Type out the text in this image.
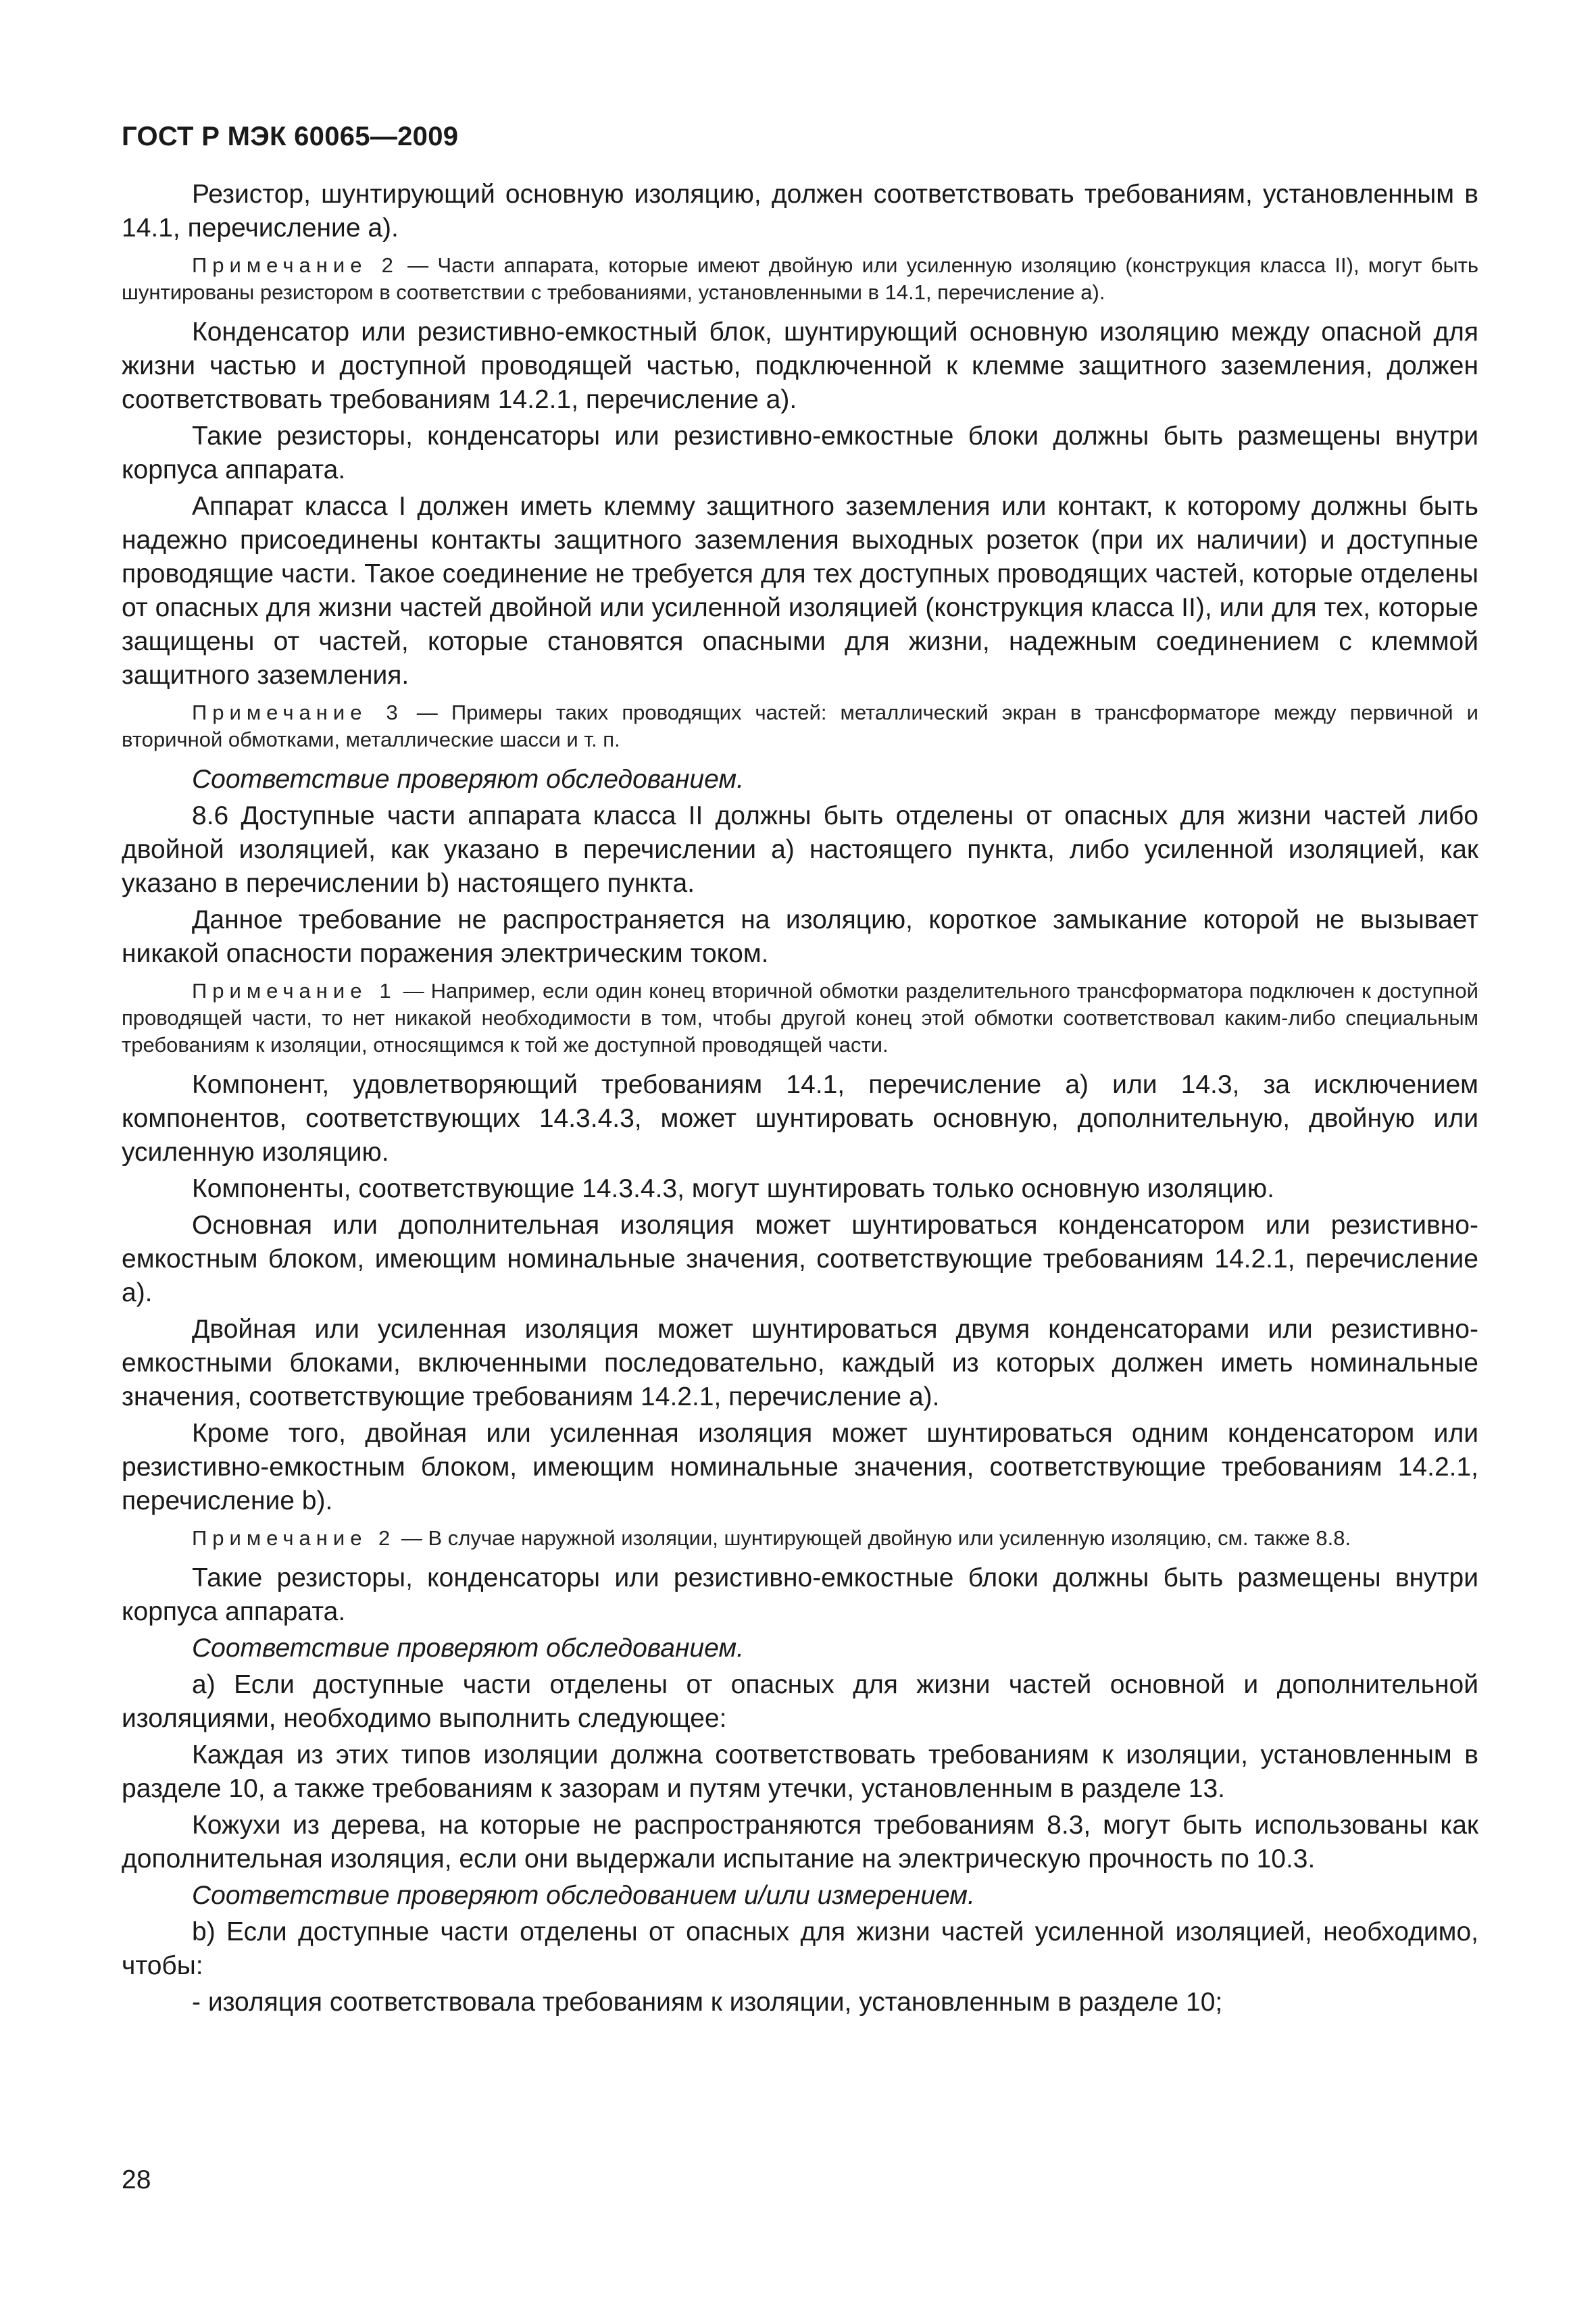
ГОСТ Р МЭК 60065—2009
Резистор, шунтирующий основную изоляцию, должен соответствовать требованиям, установленным в 14.1, перечисление a).
Примечание 2 — Части аппарата, которые имеют двойную или усиленную изоляцию (конструкция класса II), могут быть шунтированы резистором в соответствии с требованиями, установленными в 14.1, перечисление a).
Конденсатор или резистивно-емкостный блок, шунтирующий основную изоляцию между опасной для жизни частью и доступной проводящей частью, подключенной к клемме защитного заземления, должен соответствовать требованиям 14.2.1, перечисление a).
Такие резисторы, конденсаторы или резистивно-емкостные блоки должны быть размещены внутри корпуса аппарата.
Аппарат класса I должен иметь клемму защитного заземления или контакт, к которому должны быть надежно присоединены контакты защитного заземления выходных розеток (при их наличии) и доступные проводящие части. Такое соединение не требуется для тех доступных проводящих частей, которые отделены от опасных для жизни частей двойной или усиленной изоляцией (конструкция класса II), или для тех, которые защищены от частей, которые становятся опасными для жизни, надежным соединением с клеммой защитного заземления.
Примечание 3 — Примеры таких проводящих частей: металлический экран в трансформаторе между первичной и вторичной обмотками, металлические шасси и т. п.
Соответствие проверяют обследованием.
8.6 Доступные части аппарата класса II должны быть отделены от опасных для жизни частей либо двойной изоляцией, как указано в перечислении a) настоящего пункта, либо усиленной изоляцией, как указано в перечислении b) настоящего пункта.
Данное требование не распространяется на изоляцию, короткое замыкание которой не вызывает никакой опасности поражения электрическим током.
Примечание 1 — Например, если один конец вторичной обмотки разделительного трансформатора подключен к доступной проводящей части, то нет никакой необходимости в том, чтобы другой конец этой обмотки соответствовал каким-либо специальным требованиям к изоляции, относящимся к той же доступной проводящей части.
Компонент, удовлетворяющий требованиям 14.1, перечисление a) или 14.3, за исключением компонентов, соответствующих 14.3.4.3, может шунтировать основную, дополнительную, двойную или усиленную изоляцию.
Компоненты, соответствующие 14.3.4.3, могут шунтировать только основную изоляцию.
Основная или дополнительная изоляция может шунтироваться конденсатором или резистивно-емкостным блоком, имеющим номинальные значения, соответствующие требованиям 14.2.1, перечисление a).
Двойная или усиленная изоляция может шунтироваться двумя конденсаторами или резистивно-емкостными блоками, включенными последовательно, каждый из которых должен иметь номинальные значения, соответствующие требованиям 14.2.1, перечисление a).
Кроме того, двойная или усиленная изоляция может шунтироваться одним конденсатором или резистивно-емкостным блоком, имеющим номинальные значения, соответствующие требованиям 14.2.1, перечисление b).
Примечание 2 — В случае наружной изоляции, шунтирующей двойную или усиленную изоляцию, см. также 8.8.
Такие резисторы, конденсаторы или резистивно-емкостные блоки должны быть размещены внутри корпуса аппарата.
Соответствие проверяют обследованием.
a) Если доступные части отделены от опасных для жизни частей основной и дополнительной изоляциями, необходимо выполнить следующее:
Каждая из этих типов изоляции должна соответствовать требованиям к изоляции, установленным в разделе 10, а также требованиям к зазорам и путям утечки, установленным в разделе 13.
Кожухи из дерева, на которые не распространяются требованиям 8.3, могут быть использованы как дополнительная изоляция, если они выдержали испытание на электрическую прочность по 10.3.
Соответствие проверяют обследованием и/или измерением.
b) Если доступные части отделены от опасных для жизни частей усиленной изоляцией, необходимо, чтобы:
- изоляция соответствовала требованиям к изоляции, установленным в разделе 10;
28
